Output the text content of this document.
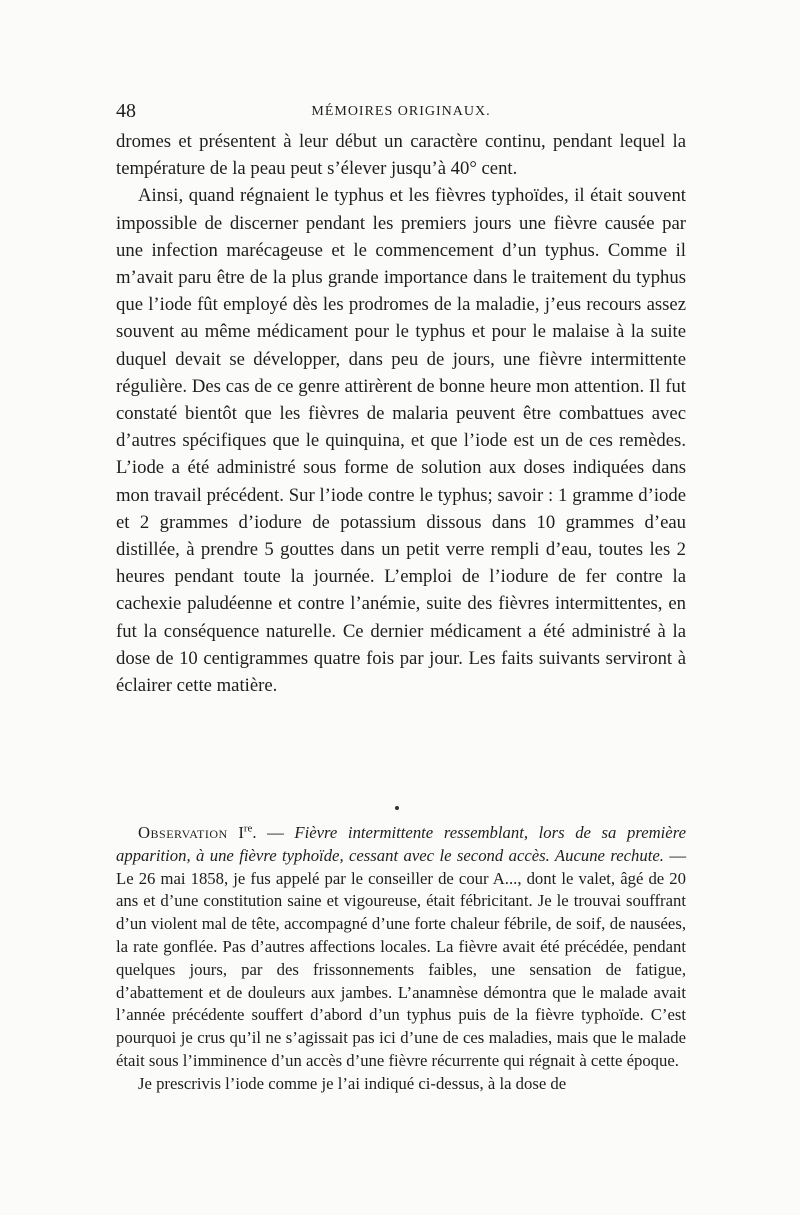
48	MÉMOIRES ORIGINAUX.

dromes et présentent à leur début un caractère continu, pendant lequel la température de la peau peut s’élever jusqu’à 40° cent.

Ainsi, quand régnaient le typhus et les fièvres typhoïdes, il était souvent impossible de discerner pendant les premiers jours une fièvre causée par une infection marécageuse et le commencement d’un typhus. Comme il m’avait paru être de la plus grande importance dans le traitement du typhus que l’iode fût employé dès les prodromes de la maladie, j’eus recours assez souvent au même médicament pour le typhus et pour le malaise à la suite duquel devait se développer, dans peu de jours, une fièvre intermittente régulière. Des cas de ce genre attirèrent de bonne heure mon attention. Il fut constaté bientôt que les fièvres de malaria peuvent être combattues avec d’autres spécifiques que le quinquina, et que l’iode est un de ces remèdes. L’iode a été administré sous forme de solution aux doses indiquées dans mon travail précédent. Sur l’iode contre le typhus; savoir : 1 gramme d’iode et 2 grammes d’iodure de potassium dissous dans 10 grammes d’eau distillée, à prendre 5 gouttes dans un petit verre rempli d’eau, toutes les 2 heures pendant toute la journée. L’emploi de l’iodure de fer contre la cachexie paludéenne et contre l’anémie, suite des fièvres intermittentes, en fut la conséquence naturelle. Ce dernier médicament a été administré à la dose de 10 centigrammes quatre fois par jour. Les faits suivants serviront à éclairer cette matière.

Observation Ire. — Fièvre intermittente ressemblant, lors de sa première apparition, à une fièvre typhoïde, cessant avec le second accès. Aucune rechute. — Le 26 mai 1858, je fus appelé par le conseiller de cour A..., dont le valet, âgé de 20 ans et d’une constitution saine et vigoureuse, était fébricitant. Je le trouvai souffrant d’un violent mal de tête, accompagné d’une forte chaleur fébrile, de soif, de nausées, la rate gonflée. Pas d’autres affections locales. La fièvre avait été précédée, pendant quelques jours, par des frissonnements faibles, une sensation de fatigue, d’abattement et de douleurs aux jambes. L’anamnèse démontra que le malade avait l’année précédente souffert d’abord d’un typhus puis de la fièvre typhoïde. C’est pourquoi je crus qu’il ne s’agissait pas ici d’une de ces maladies, mais que le malade était sous l’imminence d’un accès d’une fièvre récurrente qui régnait à cette époque.

Je prescrivis l’iode comme je l’ai indiqué ci-dessus, à la dose de
